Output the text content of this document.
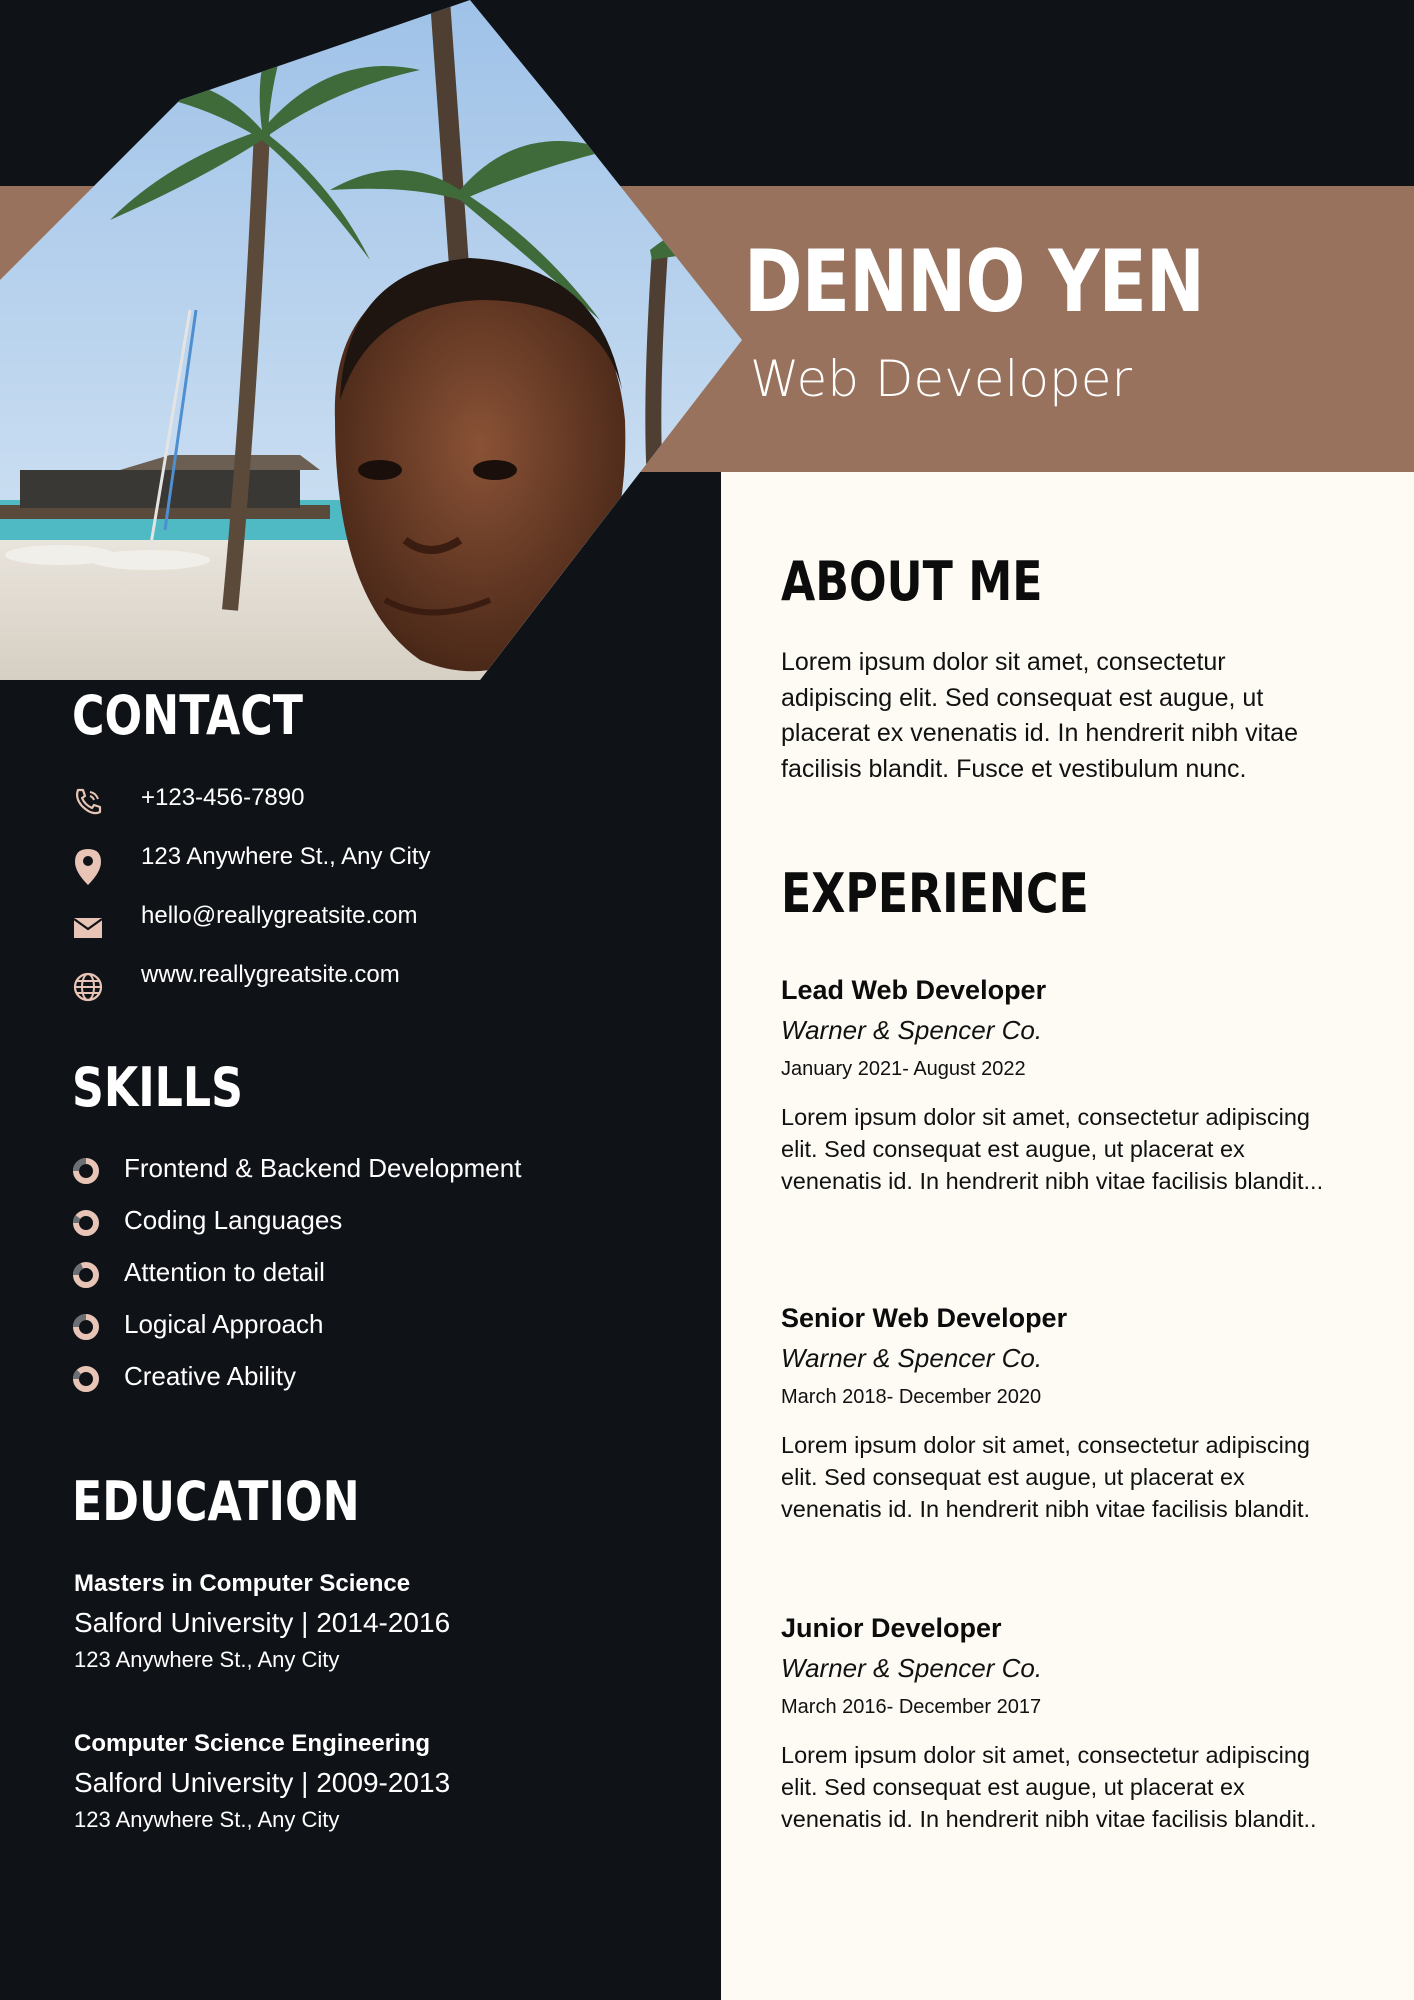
DENNO YEN
Web Developer
CONTACT
+123-456-7890
123 Anywhere St., Any City
hello@reallygreatsite.com
www.reallygreatsite.com
SKILLS
Frontend & Backend Development
Coding Languages
Attention to detail
Logical Approach
Creative Ability
EDUCATION
Masters in Computer Science
Salford University | 2014-2016
123 Anywhere St., Any City
Computer Science Engineering
Salford University | 2009-2013
123 Anywhere St., Any City
ABOUT ME
Lorem ipsum dolor sit amet, consectetur adipiscing elit. Sed consequat est augue, ut placerat ex venenatis id. In hendrerit nibh vitae facilisis blandit. Fusce et vestibulum nunc.
EXPERIENCE
Lead Web Developer
Warner & Spencer Co.
January 2021- August 2022
Lorem ipsum dolor sit amet, consectetur adipiscing elit. Sed consequat est augue, ut placerat ex venenatis id. In hendrerit nibh vitae facilisis blandit...
Senior Web Developer
Warner & Spencer Co.
March 2018- December 2020
Lorem ipsum dolor sit amet, consectetur adipiscing elit. Sed consequat est augue, ut placerat ex venenatis id. In hendrerit nibh vitae facilisis blandit.
Junior Developer
Warner & Spencer Co.
March 2016- December 2017
Lorem ipsum dolor sit amet, consectetur adipiscing elit. Sed consequat est augue, ut placerat ex venenatis id. In hendrerit nibh vitae facilisis blandit..
